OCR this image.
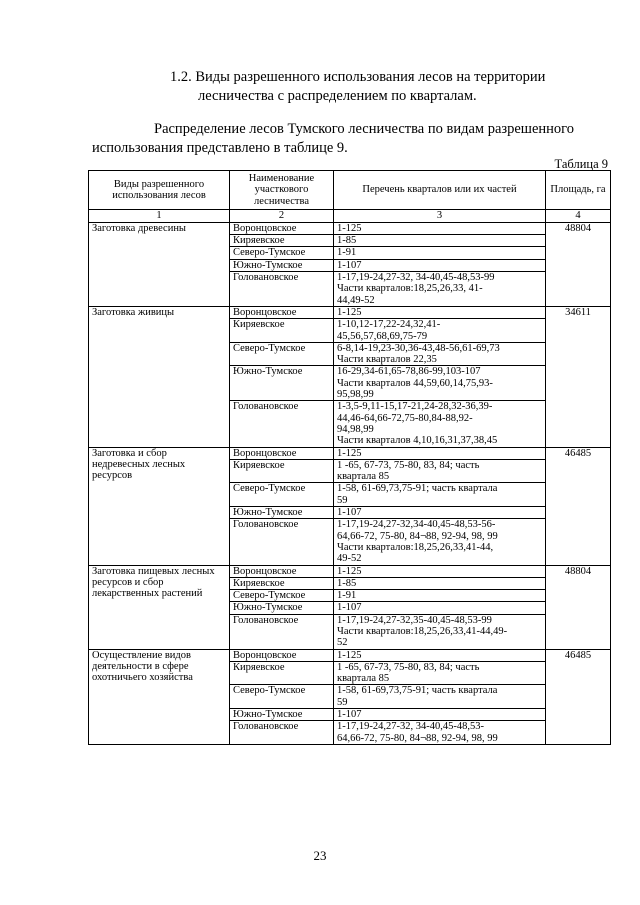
1.2. Виды разрешенного использования лесов на территории
лесничества с распределением по кварталам.
Распределение лесов Тумского лесничества по видам разрешенного
использования представлено в таблице 9.
Таблица 9
Виды разрешенного использования лесов	Наименование участкового лесничества	Перечень кварталов или их частей	Площадь, га
1	2	3	4
Заготовка древесины	Воронцовское	1-125	48804
	Киряевское	1-85	

	Северо-Тумское	1-91	

	Южно-Тумское	1-107	

	Головановское	1-17,19-24,27-32, 34-40,45-48,53-99
Части кварталов:18,25,26,33, 41-
44,49-52	

Заготовка живицы	Воронцовское	1-125	34611
	Киряевское	1-10,12-17,22-24,32,41-
45,56,57,68,69,75-79	

	Северо-Тумское	6-8,14-19,23-30,36-43,48-56,61-69,73
Части кварталов 22,35	

	Южно-Тумское	16-29,34-61,65-78,86-99,103-107
Части кварталов 44,59,60,14,75,93-
95,98,99	

	Головановское	1-3,5-9,11-15,17-21,24-28,32-36,39-
44,46-64,66-72,75-80,84-88,92-
94,98,99
Части кварталов 4,10,16,31,37,38,45	

Заготовка и сбор недревесных лесных ресурсов	Воронцовское	1-125	46485
	Киряевское	1 -65, 67-73, 75-80, 83, 84; часть
квартала 85	

	Северо-Тумское	1-58, 61-69,73,75-91; часть квартала
59	

	Южно-Тумское	1-107	

	Головановское	1-17,19-24,27-32,34-40,45-48,53-56-
64,66-72, 75-80, 84¬88, 92-94, 98, 99
Части кварталов:18,25,26,33,41-44,
49-52	

Заготовка пищевых лесных ресурсов и сбор лекарственных растений	Воронцовское	1-125	48804
	Киряевское	1-85	

	Северо-Тумское	1-91	

	Южно-Тумское	1-107	

	Головановское	1-17,19-24,27-32,35-40,45-48,53-99
Части кварталов:18,25,26,33,41-44,49-
52	

Осуществление видов деятельности в сфере охотничьего хозяйства	Воронцовское	1-125	46485
	Киряевское	1 -65, 67-73, 75-80, 83, 84; часть
квартала 85	

	Северо-Тумское	1-58, 61-69,73,75-91; часть квартала
59	

	Южно-Тумское	1-107	

	Головановское	1-17,19-24,27-32, 34-40,45-48,53-
64,66-72, 75-80, 84¬88, 92-94, 98, 99	
23
